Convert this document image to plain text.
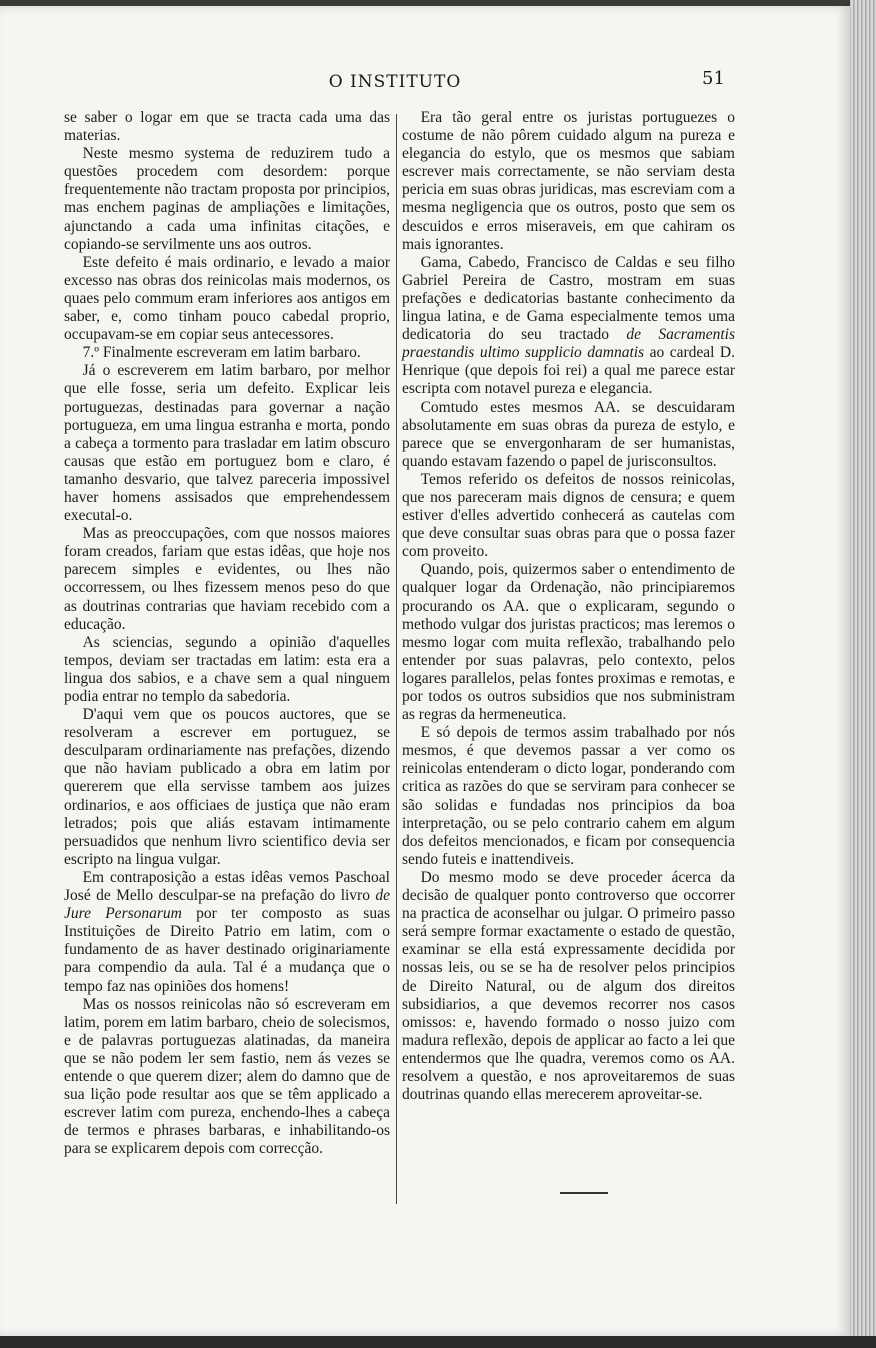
O INSTITUTO	51

se saber o logar em que se tracta cada uma das materias.

Neste mesmo systema de reduzirem tudo a questões procedem com desordem: porque frequentemente não tractam proposta por principios, mas enchem paginas de ampliações e limitações, ajunctando a cada uma infinitas citações, e copiando-se servilmente uns aos outros.

Este defeito é mais ordinario, e levado a maior excesso nas obras dos reinicolas mais modernos, os quaes pelo commum eram inferiores aos antigos em saber, e, como tinham pouco cabedal proprio, occupavam-se em copiar seus antecessores.

7.º Finalmente escreveram em latim barbaro.

Já o escreverem em latim barbaro, por melhor que elle fosse, seria um defeito. Explicar leis portuguezas, destinadas para governar a nação portugueza, em uma lingua estranha e morta, pondo a cabeça a tormento para trasladar em latim obscuro causas que estão em portuguez bom e claro, é tamanho desvario, que talvez pareceria impossivel haver homens assisados que emprehendessem executal-o.

Mas as preoccupações, com que nossos maiores foram creados, fariam que estas idêas, que hoje nos parecem simples e evidentes, ou lhes não occorressem, ou lhes fizessem menos peso do que as doutrinas contrarias que haviam recebido com a educação.

As sciencias, segundo a opinião d'aquelles tempos, deviam ser tractadas em latim: esta era a lingua dos sabios, e a chave sem a qual ninguem podia entrar no templo da sabedoria.

D'aqui vem que os poucos auctores, que se resolveram a escrever em portuguez, se desculparam ordinariamente nas prefações, dizendo que não haviam publicado a obra em latim por quererem que ella servisse tambem aos juizes ordinarios, e aos officiaes de justiça que não eram letrados; pois que aliás estavam intimamente persuadidos que nenhum livro scientifico devia ser escripto na lingua vulgar.

Em contraposição a estas idêas vemos Paschoal José de Mello desculpar-se na prefação do livro de Jure Personarum por ter composto as suas Instituições de Direito Patrio em latim, com o fundamento de as haver destinado originariamente para compendio da aula. Tal é a mudança que o tempo faz nas opiniões dos homens!

Mas os nossos reinicolas não só escreveram em latim, porem em latim barbaro, cheio de solecismos, e de palavras portuguezas alatinadas, da maneira que se não podem ler sem fastio, nem ás vezes se entende o que querem dizer; alem do damno que de sua lição pode resultar aos que se têm applicado a escrever latim com pureza, enchendo-lhes a cabeça de termos e phrases barbaras, e inhabilitando-os para se explicarem depois com correcção.

Era tão geral entre os juristas portuguezes o costume de não pôrem cuidado algum na pureza e elegancia do estylo, que os mesmos que sabiam escrever mais correctamente, se não serviam desta pericia em suas obras juridicas, mas escreviam com a mesma negligencia que os outros, posto que sem os descuidos e erros miseraveis, em que cahiram os mais ignorantes.

Gama, Cabedo, Francisco de Caldas e seu filho Gabriel Pereira de Castro, mostram em suas prefações e dedicatorias bastante conhecimento da lingua latina, e de Gama especialmente temos uma dedicatoria do seu tractado de Sacramentis praestandis ultimo supplicio damnatis ao cardeal D. Henrique (que depois foi rei) a qual me parece estar escripta com notavel pureza e elegancia.

Comtudo estes mesmos AA. se descuidaram absolutamente em suas obras da pureza de estylo, e parece que se envergonharam de ser humanistas, quando estavam fazendo o papel de jurisconsultos.

Temos referido os defeitos de nossos reinicolas, que nos pareceram mais dignos de censura; e quem estiver d'elles advertido conhecerá as cautelas com que deve consultar suas obras para que o possa fazer com proveito.

Quando, pois, quizermos saber o entendimento de qualquer logar da Ordenação, não principiaremos procurando os AA. que o explicaram, segundo o methodo vulgar dos juristas practicos; mas leremos o mesmo logar com muita reflexão, trabalhando pelo entender por suas palavras, pelo contexto, pelos logares parallelos, pelas fontes proximas e remotas, e por todos os outros subsidios que nos subministram as regras da hermeneutica.

E só depois de termos assim trabalhado por nós mesmos, é que devemos passar a ver como os reinicolas entenderam o dicto logar, ponderando com critica as razões do que se serviram para conhecer se são solidas e fundadas nos principios da boa interpretação, ou se pelo contrario cahem em algum dos defeitos mencionados, e ficam por consequencia sendo futeis e inattendiveis.

Do mesmo modo se deve proceder ácerca da decisão de qualquer ponto controverso que occorrer na practica de aconselhar ou julgar. O primeiro passo será sempre formar exactamente o estado de questão, examinar se ella está expressamente decidida por nossas leis, ou se se ha de resolver pelos principios de Direito Natural, ou de algum dos direitos subsidiarios, a que devemos recorrer nos casos omissos: e, havendo formado o nosso juizo com madura reflexão, depois de applicar ao facto a lei que entendermos que lhe quadra, veremos como os AA. resolvem a questão, e nos aproveitaremos de suas doutrinas quando ellas merecerem aproveitar-se.
